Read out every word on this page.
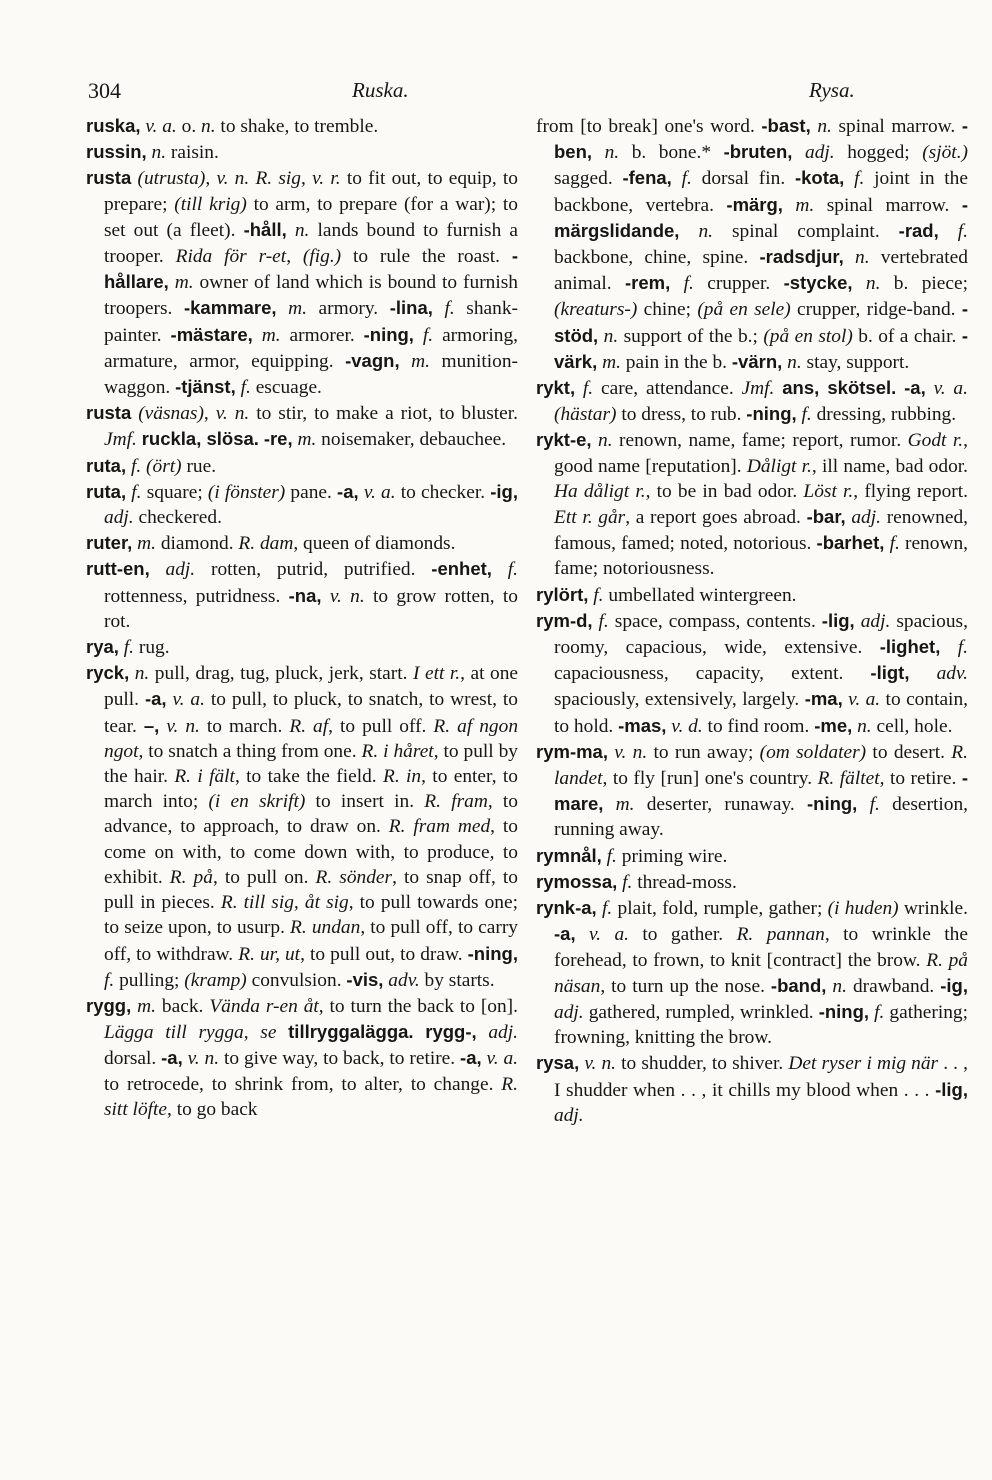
304	Ruska.	Rysa.

ruska, v. a. o. n. to shake, to tremble.

russin, n. raisin.

rusta (utrusta), v. n. R. sig, v. r. to fit out, to equip, to prepare; (till krig) to arm, to prepare (for a war); to set out (a fleet). -håll, n. lands bound to furnish a trooper. Rida för r-et, (fig.) to rule the roast. -hållare, m. owner of land which is bound to furnish troopers. -kammare, m. armory. -lina, f. shank-painter. -mästare, m. armorer. -ning, f. armoring, armature, armor, equipping. -vagn, m. munition-waggon. -tjänst, f. escuage.

rusta (väsnas), v. n. to stir, to make a riot, to bluster. Jmf. ruckla, slösa. -re, m. noisemaker, debauchee.

ruta, f. (ört) rue.

ruta, f. square; (i fönster) pane. -a, v. a. to checker. -ig, adj. checkered.

ruter, m. diamond. R. dam, queen of diamonds.

rutt-en, adj. rotten, putrid, putrified. -enhet, f. rottenness, putridness. -na, v. n. to grow rotten, to rot.

rya, f. rug.

ryck, n. pull, drag, tug, pluck, jerk, start. I ett r., at one pull. -a, v. a. to pull, to pluck, to snatch, to wrest, to tear. –, v. n. to march. R. af, to pull off. R. af ngon ngot, to snatch a thing from one. R. i håret, to pull by the hair. R. i fält, to take the field. R. in, to enter, to march into; (i en skrift) to insert in. R. fram, to advance, to approach, to draw on. R. fram med, to come on with, to come down with, to produce, to exhibit. R. på, to pull on. R. sönder, to snap off, to pull in pieces. R. till sig, åt sig, to pull towards one; to seize upon, to usurp. R. undan, to pull off, to carry off, to withdraw. R. ur, ut, to pull out, to draw. -ning, f. pulling; (kramp) convulsion. -vis, adv. by starts.

rygg, m. back. Vända r-en åt, to turn the back to [on]. Lägga till rygga, se tillryggalägga. rygg-, adj. dorsal. -a, v. n. to give way, to back, to retire. -a, v. a. to retrocede, to shrink from, to alter, to change. R. sitt löfte, to go back

from [to break] one's word. -bast, n. spinal marrow. -ben, n. b. bone.* -bruten, adj. hogged; (sjöt.) sagged. -fena, f. dorsal fin. -kota, f. joint in the backbone, vertebra. -märg, m. spinal marrow. -märgslidande, n. spinal complaint. -rad, f. backbone, chine, spine. -radsdjur, n. vertebrated animal. -rem, f. crupper. -stycke, n. b. piece; (kreaturs-) chine; (på en sele) crupper, ridge-band. -stöd, n. support of the b.; (på en stol) b. of a chair. -värk, m. pain in the b. -värn, n. stay, support.

rykt, f. care, attendance. Jmf. ans, skötsel. -a, v. a. (hästar) to dress, to rub. -ning, f. dressing, rubbing.

rykt-e, n. renown, name, fame; report, rumor. Godt r., good name [reputation]. Dåligt r., ill name, bad odor. Ha dåligt r., to be in bad odor. Löst r., flying report. Ett r. går, a report goes abroad. -bar, adj. renowned, famous, famed; noted, notorious. -barhet, f. renown, fame; notoriousness.

rylört, f. umbellated wintergreen.

rym-d, f. space, compass, contents. -lig, adj. spacious, roomy, capacious, wide, extensive. -lighet, f. capaciousness, capacity, extent. -ligt, adv. spaciously, extensively, largely. -ma, v. a. to contain, to hold. -mas, v. d. to find room. -me, n. cell, hole.

rym-ma, v. n. to run away; (om soldater) to desert. R. landet, to fly [run] one's country. R. fältet, to retire. -mare, m. deserter, runaway. -ning, f. desertion, running away.

rymnål, f. priming wire.

rymossa, f. thread-moss.

rynk-a, f. plait, fold, rumple, gather; (i huden) wrinkle. -a, v. a. to gather. R. pannan, to wrinkle the forehead, to frown, to knit [contract] the brow. R. på näsan, to turn up the nose. -band, n. drawband. -ig, adj. gathered, rumpled, wrinkled. -ning, f. gathering; frowning, knitting the brow.

rysa, v. n. to shudder, to shiver. Det ryser i mig när . . , I shudder when . . , it chills my blood when . . . -lig, adj.
